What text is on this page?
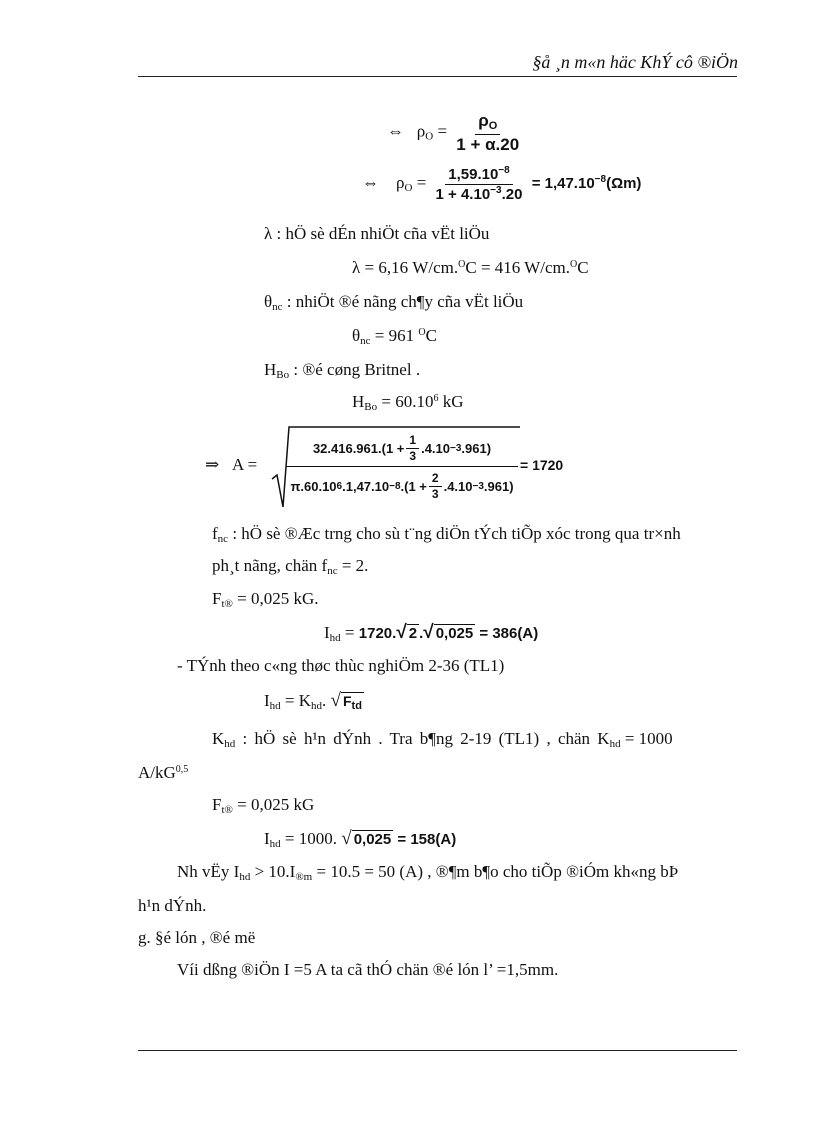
§å ¸n m«n häc KhÝ cô ®iÖn
⇔ $\rho_O = \frac{\rho_O}{1 + \alpha.20}$
⇔ $\rho_O = \frac{1,59.10^{-8}}{1 + 4.10^{-3}.20} = 1,47.10^{-8}(\Omega m)$
λ : hÖ sè dÉn nhiÖt cña vËt liÖu
λ = 6,16 W/cm.$^O$C = 416 W/cm.$^O$C
$\theta_{nc}$ : nhiÖt ®é nãng ch¶y cña vËt liÖu
$\theta_{nc} = 961$ $^O$C
$H_{Bo}$ : ®é cøng Britnel .
$H_{Bo} = 60.10^6$ kG
⇒ A =
$32.416.961.(1 + \frac{1}{3} .4.10 -3$ .961)
π.60.10 6 .1,47.10 −8 $.(1 + \frac{2}{3} .4.10 -3$ .961)
= 1720
$f_{nc}$ : hÖ sè ®Æc trng cho sù t¨ng diÖn tÝch tiÕp xóc trong qua tr×nh
ph¸t nãng, chän $f_{nc} = 2$.
$F_{t®} = 0,025$ kG.
$I_{hd} = 1720.√$ 2 .√ 0,025 = 386(A)
- TÝnh theo c«ng thøc thùc nghiÖm 2-36 (TL1)
$I_{hd} = K_{hd}$. √ $F_{td}$
$K_{hd}$ : hÖ sè h¹n dÝnh . Tra b¶ng 2-19 (TL1) , chän $K_{hd} = 1000$
A/kG$^{0,5}$
$F_{t®} = 0,025$ kG
$I_{hd} = 1000$. √ 0,025 = 158(A)
Nh vËy $I_{hd} > 10.I_{®m} = 10.5 = 50$ (A) , ®¶m b¶o cho tiÕp ®iÓm kh«ng bÞ
h¹n dÝnh.
g. §é lón , ®é më
Víi dßng ®iÖn I =5 A ta cã thÓ chän ®é lón l’ =1,5mm.
